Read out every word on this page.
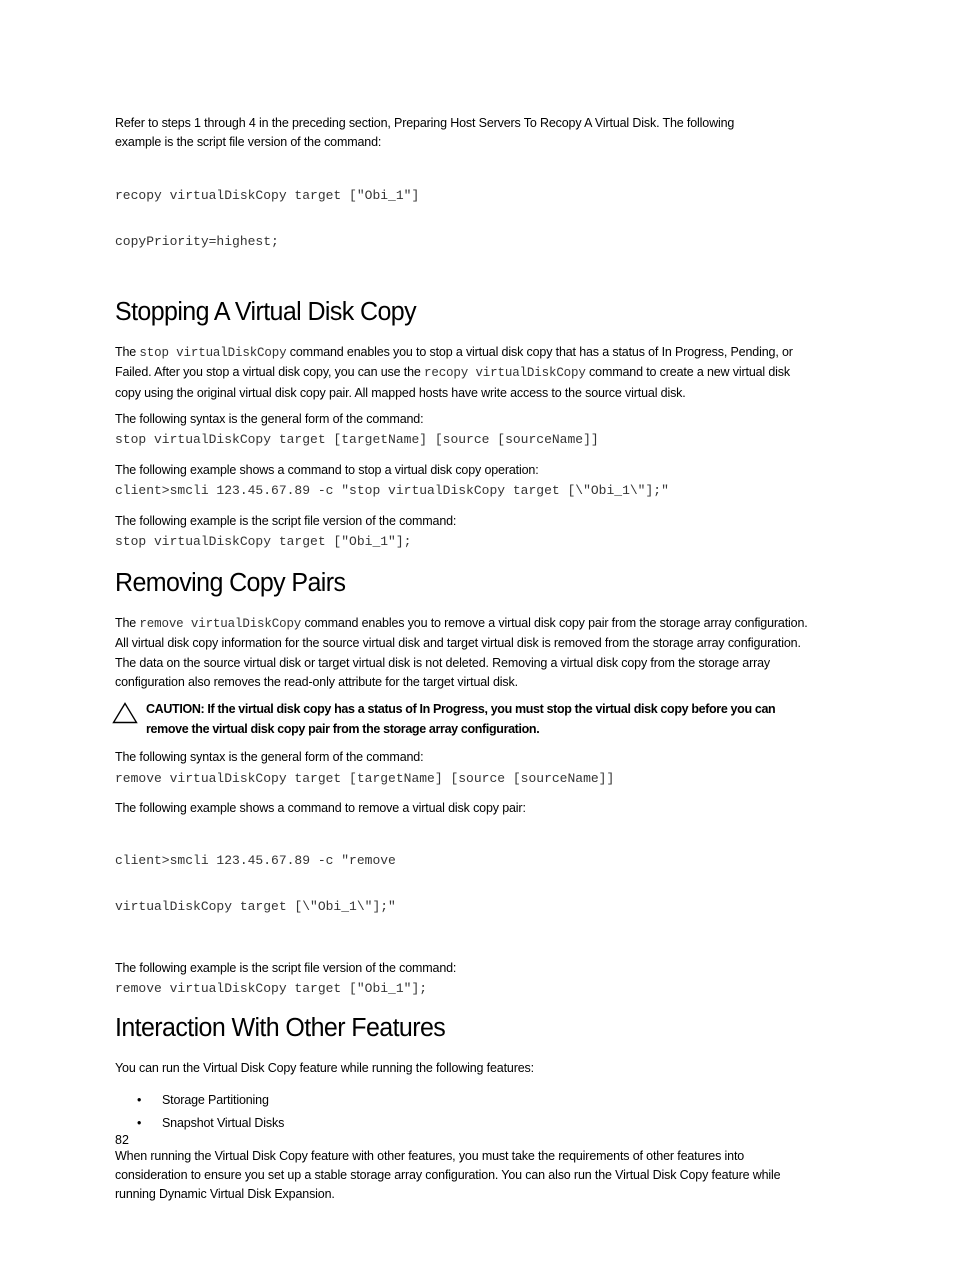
Refer to steps 1 through 4 in the preceding section, Preparing Host Servers To Recopy A Virtual Disk. The following
example is the script file version of the command:

recopy virtualDiskCopy target ["Obi_1"]

copyPriority=highest;

Stopping A Virtual Disk Copy

The stop virtualDiskCopy command enables you to stop a virtual disk copy that has a status of In Progress, Pending, or Failed. After you stop a virtual disk copy, you can use the recopy virtualDiskCopy command to create a new virtual disk copy using the original virtual disk copy pair. All mapped hosts have write access to the source virtual disk.

The following syntax is the general form of the command:

stop virtualDiskCopy target [targetName] [source [sourceName]]

The following example shows a command to stop a virtual disk copy operation:

client>smcli 123.45.67.89 -c "stop virtualDiskCopy target [\"Obi_1\"];"

The following example is the script file version of the command:

stop virtualDiskCopy target ["Obi_1"];
Removing Copy Pairs

The remove virtualDiskCopy command enables you to remove a virtual disk copy pair from the storage array configuration. All virtual disk copy information for the source virtual disk and target virtual disk is removed from the storage array configuration. The data on the source virtual disk or target virtual disk is not deleted. Removing a virtual disk copy from the storage array configuration also removes the read-only attribute for the target virtual disk.

CAUTION: If the virtual disk copy has a status of In Progress, you must stop the virtual disk copy before you can remove the virtual disk copy pair from the storage array configuration.

The following syntax is the general form of the command:

remove virtualDiskCopy target [targetName] [source [sourceName]]

The following example shows a command to remove a virtual disk copy pair:

client>smcli 123.45.67.89 -c "remove

virtualDiskCopy target [\"Obi_1\"];"

The following example is the script file version of the command:

remove virtualDiskCopy target ["Obi_1"];
Interaction With Other Features

You can run the Virtual Disk Copy feature while running the following features:

• Storage Partitioning
• Snapshot Virtual Disks

When running the Virtual Disk Copy feature with other features, you must take the requirements of other features into consideration to ensure you set up a stable storage array configuration. You can also run the Virtual Disk Copy feature while running Dynamic Virtual Disk Expansion.

82
